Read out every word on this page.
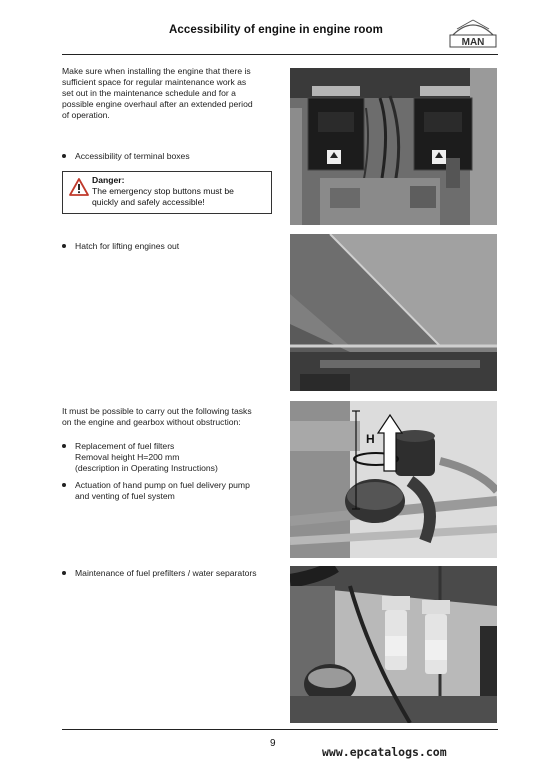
Accessibility of engine in engine room
MAN
Make sure when installing the engine that there is
sufficient space for regular maintenance work as
set out in the maintenance schedule and for a
possible engine overhaul after an extended period
of operation.
Accessibility of terminal boxes
Danger:
The emergency stop buttons must be
quickly and safely accessible!
Hatch for lifting engines out
It must be possible to carry out the following tasks
on the engine and gearbox without obstruction:
Replacement of fuel filters
Removal height H=200 mm
(description in Operating Instructions)
Actuation of hand pump on fuel delivery pump
and venting of fuel system
Maintenance of fuel prefilters / water separators
H
9
www.epcatalogs.com
